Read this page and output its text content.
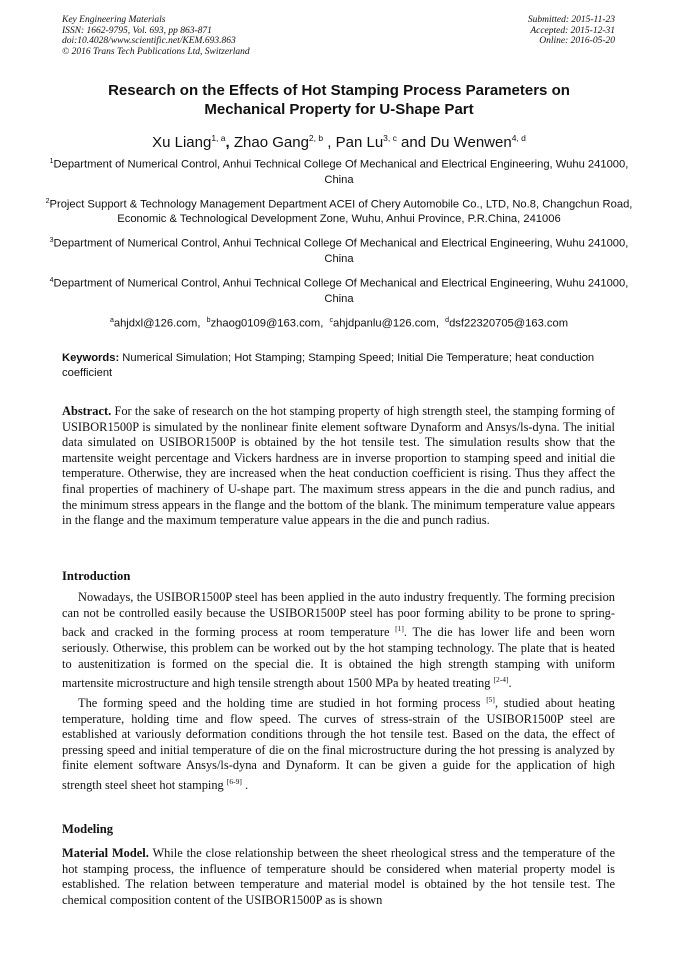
Key Engineering Materials
ISSN: 1662-9795, Vol. 693, pp 863-871
doi:10.4028/www.scientific.net/KEM.693.863
© 2016 Trans Tech Publications Ltd, Switzerland
Submitted: 2015-11-23
Accepted: 2015-12-31
Online: 2016-05-20
Research on the Effects of Hot Stamping Process Parameters on
Mechanical Property for U-Shape Part
Xu Liang$^{1, a}$, Zhao Gang$^{2, b}$ , Pan Lu$^{3, c}$ and Du Wenwen$^{4, d}$
$^1$Department of Numerical Control, Anhui Technical College Of Mechanical and Electrical Engineering, Wuhu 241000, China
$^2$Project Support & Technology Management Department ACEI of Chery Automobile Co., LTD, No.8, Changchun Road, Economic & Technological Development Zone, Wuhu, Anhui Province, P.R.China, 241006
$^3$Department of Numerical Control, Anhui Technical College Of Mechanical and Electrical Engineering, Wuhu 241000, China
$^4$Department of Numerical Control, Anhui Technical College Of Mechanical and Electrical Engineering, Wuhu 241000, China
$^a$ahjdxl@126.com,  $^b$zhaog0109@163.com,  $^c$ahjdpanlu@126.com,  $^d$dsf22320705@163.com
Keywords: Numerical Simulation; Hot Stamping; Stamping Speed; Initial Die Temperature; heat conduction coefficient
Abstract. For the sake of research on the hot stamping property of high strength steel, the stamping forming of USIBOR1500P is simulated by the nonlinear finite element software Dynaform and Ansys/ls-dyna. The initial data simulated on USIBOR1500P is obtained by the hot tensile test. The simulation results show that the martensite weight percentage and Vickers hardness are in inverse proportion to stamping speed and initial die temperature. Otherwise, they are increased when the heat conduction coefficient is rising. Thus they affect the final properties of machinery of U-shape part. The maximum stress appears in the die and punch radius, and the minimum stress appears in the flange and the bottom of the blank. The minimum temperature value appears in the flange and the maximum temperature value appears in the die and punch radius.
Introduction

Nowadays, the USIBOR1500P steel has been applied in the auto industry frequently. The forming precision can not be controlled easily because the USIBOR1500P steel has poor forming ability to be prone to spring-back and cracked in the forming process at room temperature [1]. The die has lower life and been worn seriously. Otherwise, this problem can be worked out by the hot stamping technology. The plate that is heated to austenitization is formed on the special die. It is obtained the high strength stamping with uniform martensite microstructure and high tensile strength about 1500 MPa by heated treating [2-4].

The forming speed and the holding time are studied in hot forming process [5], studied about heating temperature, holding time and flow speed. The curves of stress-strain of the USIBOR1500P steel are established at variously deformation conditions through the hot tensile test. Based on the data, the effect of pressing speed and initial temperature of die on the final microstructure during the hot pressing is analyzed by finite element software Ansys/ls-dyna and Dynaform. It can be given a guide for the application of high strength steel sheet hot stamping [6-9] .

Modeling
Material Model. While the close relationship between the sheet rheological stress and the temperature of the hot stamping process, the influence of temperature should be considered when material property model is established. The relation between temperature and material model is obtained by the hot tensile test. The chemical composition content of the USIBOR1500P as is shown
